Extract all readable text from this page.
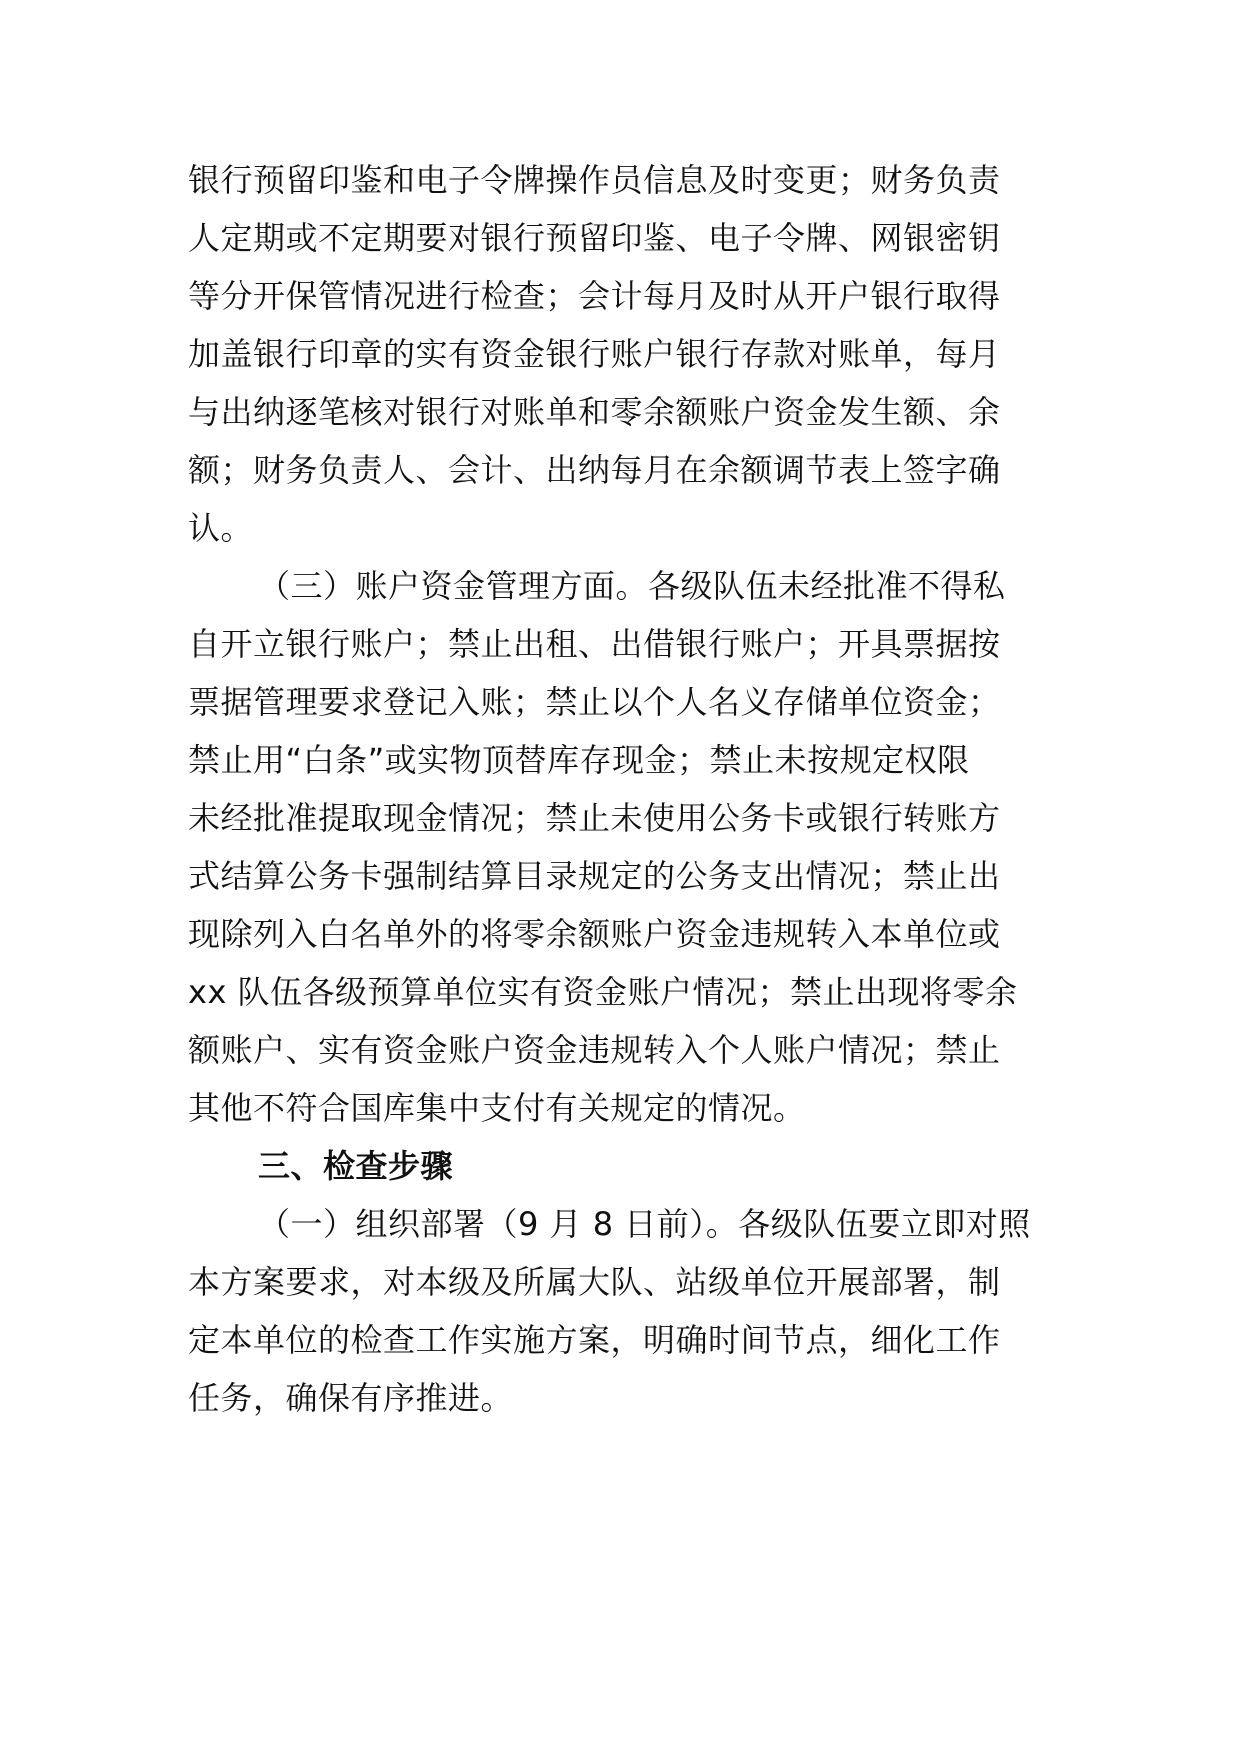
银行预留印鉴和电子令牌操作员信息及时变更；财务负责
人定期或不定期要对银行预留印鉴、电子令牌、网银密钥
等分开保管情况进行检查；会计每月及时从开户银行取得
加盖银行印章的实有资金银行账户银行存款对账单，每月
与出纳逐笔核对银行对账单和零余额账户资金发生额、余
额；财务负责人、会计、出纳每月在余额调节表上签字确
认。
（三）账户资金管理方面。各级队伍未经批准不得私
自开立银行账户；禁止出租、出借银行账户；开具票据按
票据管理要求登记入账；禁止以个人名义存储单位资金；
禁止用“白条”或实物顶替库存现金；禁止未按规定权限
未经批准提取现金情况；禁止未使用公务卡或银行转账方
式结算公务卡强制结算目录规定的公务支出情况；禁止出
现除列入白名单外的将零余额账户资金违规转入本单位或
xx 队伍各级预算单位实有资金账户情况；禁止出现将零余
额账户、实有资金账户资金违规转入个人账户情况；禁止
其他不符合国库集中支付有关规定的情况。
三、检查步骤
（一）组织部署（9 月 8 日前）。各级队伍要立即对照
本方案要求，对本级及所属大队、站级单位开展部署，制
定本单位的检查工作实施方案，明确时间节点，细化工作
任务，确保有序推进。
